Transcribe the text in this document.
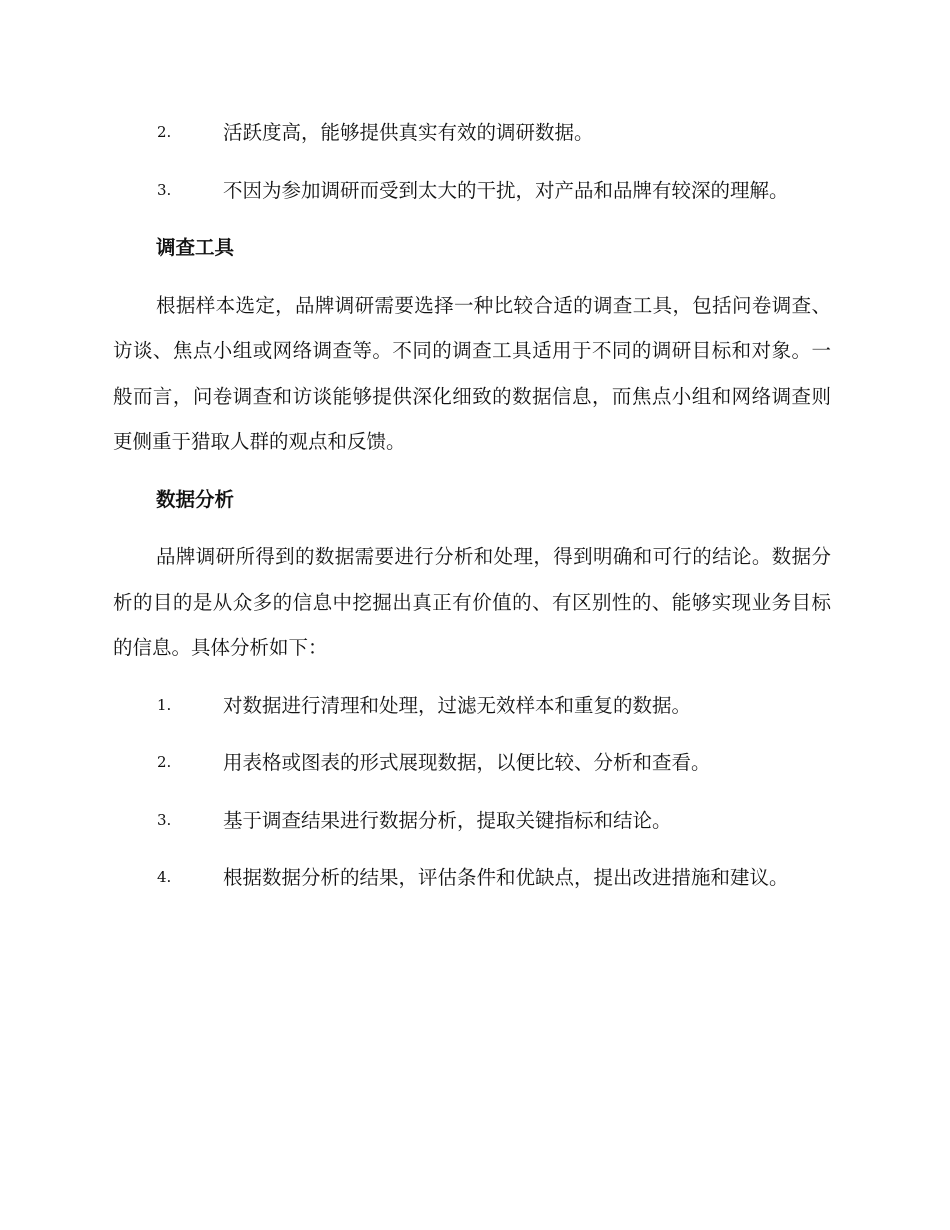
2.	活跃度高，能够提供真实有效的调研数据。
3.	不因为参加调研而受到太大的干扰，对产品和品牌有较深的理解。
调查工具
根据样本选定，品牌调研需要选择一种比较合适的调查工具，包括问卷调查、访谈、焦点小组或网络调查等。不同的调查工具适用于不同的调研目标和对象。一般而言，问卷调查和访谈能够提供深化细致的数据信息，而焦点小组和网络调查则更侧重于猎取人群的观点和反馈。
数据分析
品牌调研所得到的数据需要进行分析和处理，得到明确和可行的结论。数据分析的目的是从众多的信息中挖掘出真正有价值的、有区别性的、能够实现业务目标的信息。具体分析如下：
1.	对数据进行清理和处理，过滤无效样本和重复的数据。
2.	用表格或图表的形式展现数据，以便比较、分析和查看。
3.	基于调查结果进行数据分析，提取关键指标和结论。
4.	根据数据分析的结果，评估条件和优缺点，提出改进措施和建议。
